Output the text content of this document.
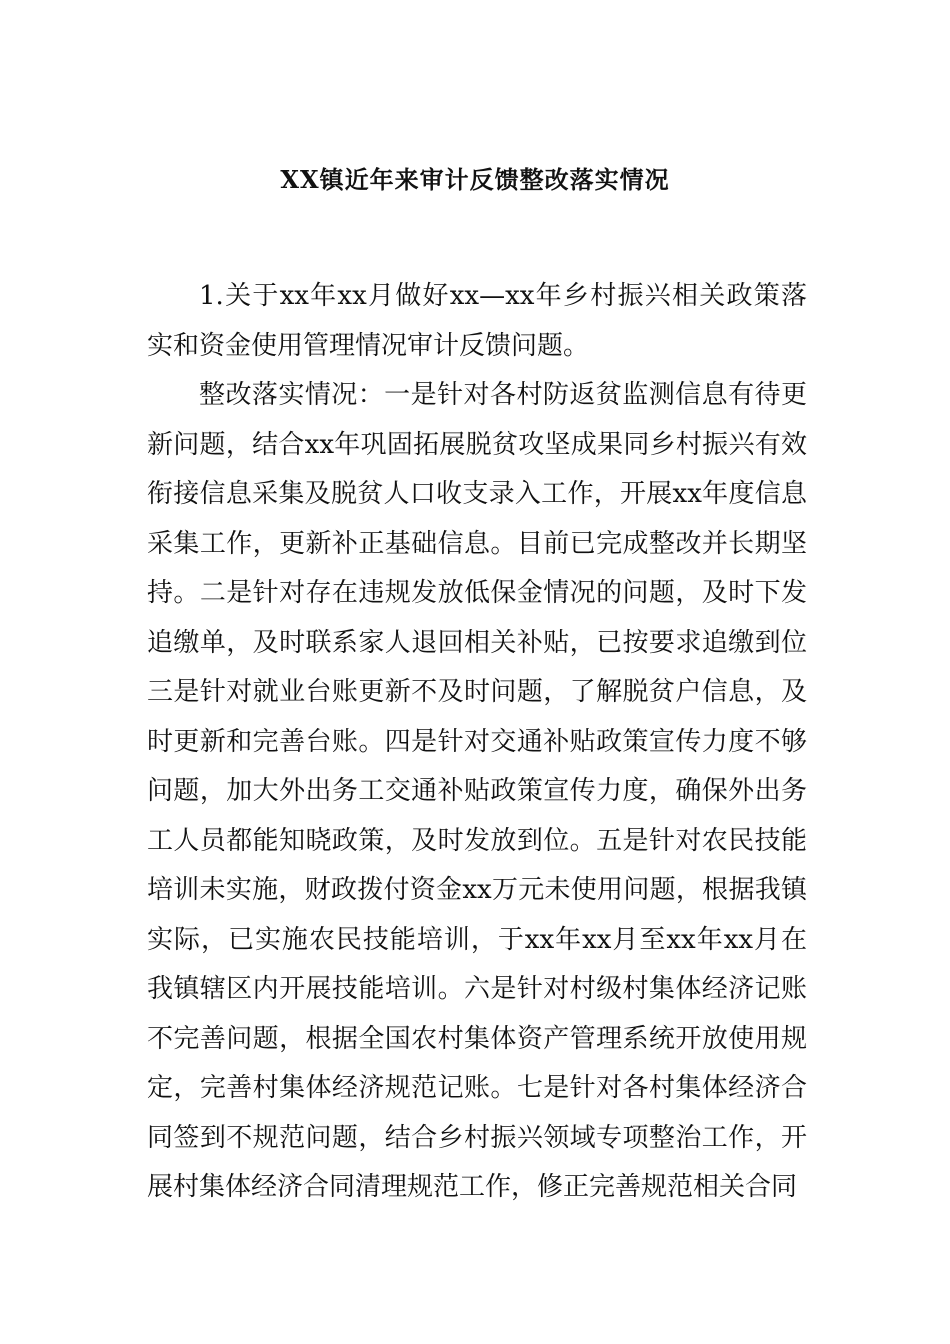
XX镇近年来审计反馈整改落实情况

1.关于xx年xx月做好xx—xx年乡村振兴相关政策落实和资金使用管理情况审计反馈问题。

整改落实情况：一是针对各村防返贫监测信息有待更新问题，结合xx年巩固拓展脱贫攻坚成果同乡村振兴有效衔接信息采集及脱贫人口收支录入工作，开展xx年度信息采集工作，更新补正基础信息。目前已完成整改并长期坚持。二是针对存在违规发放低保金情况的问题，及时下发追缴单，及时联系家人退回相关补贴，已按要求追缴到位三是针对就业台账更新不及时问题，了解脱贫户信息，及时更新和完善台账。四是针对交通补贴政策宣传力度不够问题，加大外出务工交通补贴政策宣传力度，确保外出务工人员都能知晓政策，及时发放到位。五是针对农民技能培训未实施，财政拨付资金xx万元未使用问题，根据我镇实际，已实施农民技能培训，于xx年xx月至xx年xx月在我镇辖区内开展技能培训。六是针对村级村集体经济记账不完善问题，根据全国农村集体资产管理系统开放使用规定，完善村集体经济规范记账。七是针对各村集体经济合同签到不规范问题，结合乡村振兴领域专项整治工作，开展村集体经济合同清理规范工作，修正完善规范相关合同
